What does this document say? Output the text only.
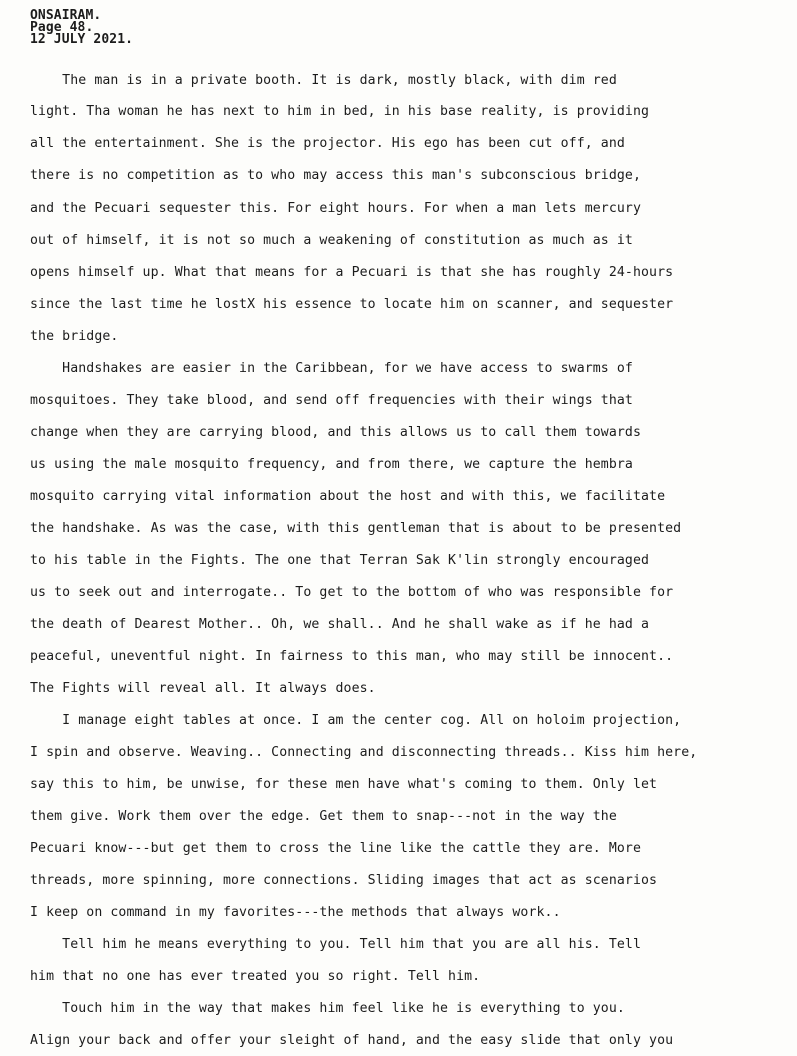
ONSAIRAM.
Page 48.
12 JULY 2021.
The man is in a private booth. It is dark, mostly black, with dim red
light. Tha woman he has next to him in bed, in his base reality, is providing
all the entertainment. She is the projector. His ego has been cut off, and
there is no competition as to who may access this man's subconscious bridge,
and the Pecuari sequester this. For eight hours. For when a man lets mercury
out of himself, it is not so much a weakening of constitution as much as it
opens himself up. What that means for a Pecuari is that she has roughly 24-hours
since the last time he lostX his essence to locate him on scanner, and sequester
the bridge.
Handshakes are easier in the Caribbean, for we have access to swarms of
mosquitoes. They take blood, and send off frequencies with their wings that
change when they are carrying blood, and this allows us to call them towards
us using the male mosquito frequency, and from there, we capture the hembra
mosquito carrying vital information about the host and with this, we facilitate
the handshake. As was the case, with this gentleman that is about to be presented
to his table in the Fights. The one that Terran Sak K'lin strongly encouraged
us to seek out and interrogate.. To get to the bottom of who was responsible for
the death of Dearest Mother.. Oh, we shall.. And he shall wake as if he had a
peaceful, uneventful night. In fairness to this man, who may still be innocent..
The Fights will reveal all. It always does.
I manage eight tables at once. I am the center cog. All on holoim projection,
I spin and observe. Weaving.. Connecting and disconnecting threads.. Kiss him here,
say this to him, be unwise, for these men have what's coming to them. Only let
them give. Work them over the edge. Get them to snap---not in the way the
Pecuari know---but get them to cross the line like the cattle they are. More
threads, more spinning, more connections. Sliding images that act as scenarios
I keep on command in my favorites---the methods that always work..
Tell him he means everything to you. Tell him that you are all his. Tell
him that no one has ever treated you so right. Tell him.
Touch him in the way that makes him feel like he is everything to you.
Align your back and offer your sleight of hand, and the easy slide that only you
